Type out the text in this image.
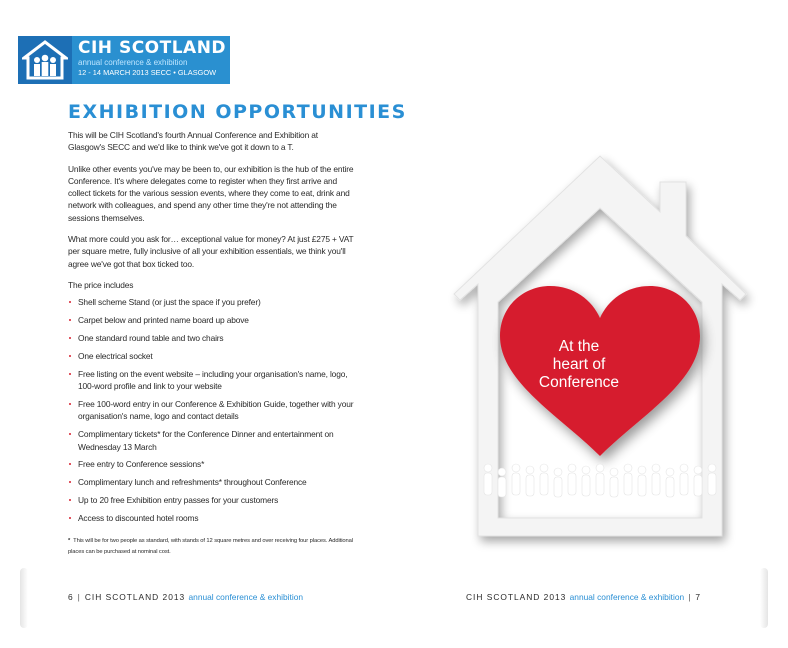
CIH SCOTLAND
annual conference & exhibition
12 - 14 MARCH 2013 SECC • GLASGOW
EXHIBITION OPPORTUNITIES

This will be CIH Scotland's fourth Annual Conference and Exhibition at Glasgow's SECC and we'd like to think we've got it down to a T.

Unlike other events you've may be been to, our exhibition is the hub of the entire Conference. It's where delegates come to register when they first arrive and collect tickets for the various session events, where they come to eat, drink and network with colleagues, and spend any other time they're not attending the sessions themselves.

What more could you ask for… exceptional value for money? At just £275 + VAT per square metre, fully inclusive of all your exhibition essentials, we think you'll agree we've got that box ticked too.

The price includes

Shell scheme Stand (or just the space if you prefer)
Carpet below and printed name board up above
One standard round table and two chairs
One electrical socket
Free listing on the event website – including your organisation's name, logo, 100-word profile and link to your website
Free 100-word entry in our Conference & Exhibition Guide, together with your organisation's name, logo and contact details
Complimentary tickets* for the Conference Dinner and entertainment on Wednesday 13 March
Free entry to Conference sessions*
Complimentary lunch and refreshments* throughout Conference
Up to 20 free Exhibition entry passes for your customers
Access to discounted hotel rooms
* This will be for two people as standard, with stands of 12 square metres and over receiving four places. Additional places can be purchased at nominal cost.
6 | CIH SCOTLAND 2013 annual conference & exhibition	CIH SCOTLAND 2013 annual conference & exhibition | 7
At the
heart of
Conference
